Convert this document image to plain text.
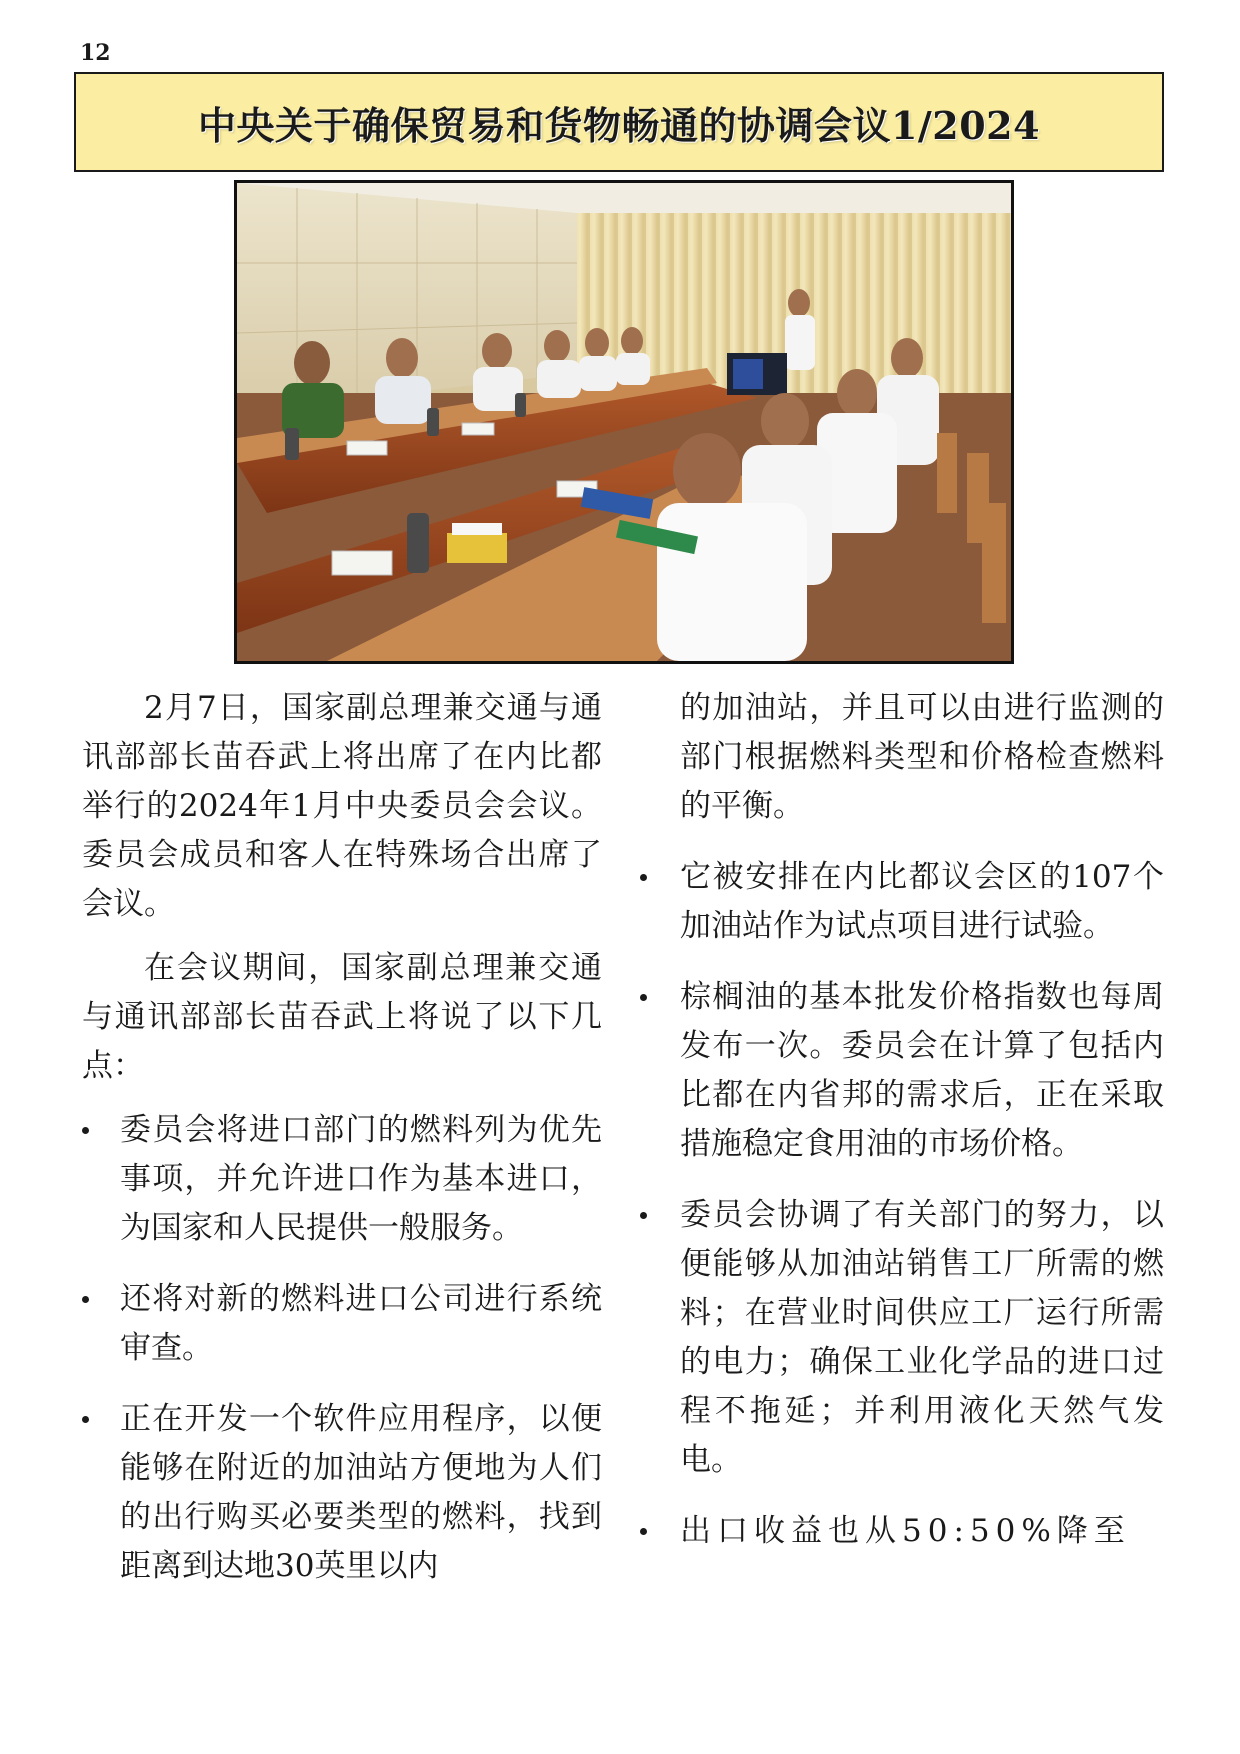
12
中央关于确保贸易和货物畅通的协调会议1/2024

2月7日，国家副总理兼交通与通讯部部长苗吞武上将出席了在内比都举行的2024年1月中央委员会会议。委员会成员和客人在特殊场合出席了会议。

在会议期间，国家副总理兼交通与通讯部部长苗吞武上将说了以下几点：

委员会将进口部门的燃料列为优先事项，并允许进口作为基本进口，为国家和人民提供一般服务。
还将对新的燃料进口公司进行系统审查。
正在开发一个软件应用程序，以便能够在附近的加油站方便地为人们的出行购买必要类型的燃料，找到距离到达地30英里以内

的加油站，并且可以由进行监测的部门根据燃料类型和价格检查燃料的平衡。

它被安排在内比都议会区的107个加油站作为试点项目进行试验。
棕榈油的基本批发价格指数也每周发布一次。委员会在计算了包括内比都在内省邦的需求后，正在采取措施稳定食用油的市场价格。
委员会协调了有关部门的努力，以便能够从加油站销售工厂所需的燃料；在营业时间供应工厂运行所需的电力；确保工业化学品的进口过程不拖延；并利用液化天然气发电。
出口收益也从50:50%降至
